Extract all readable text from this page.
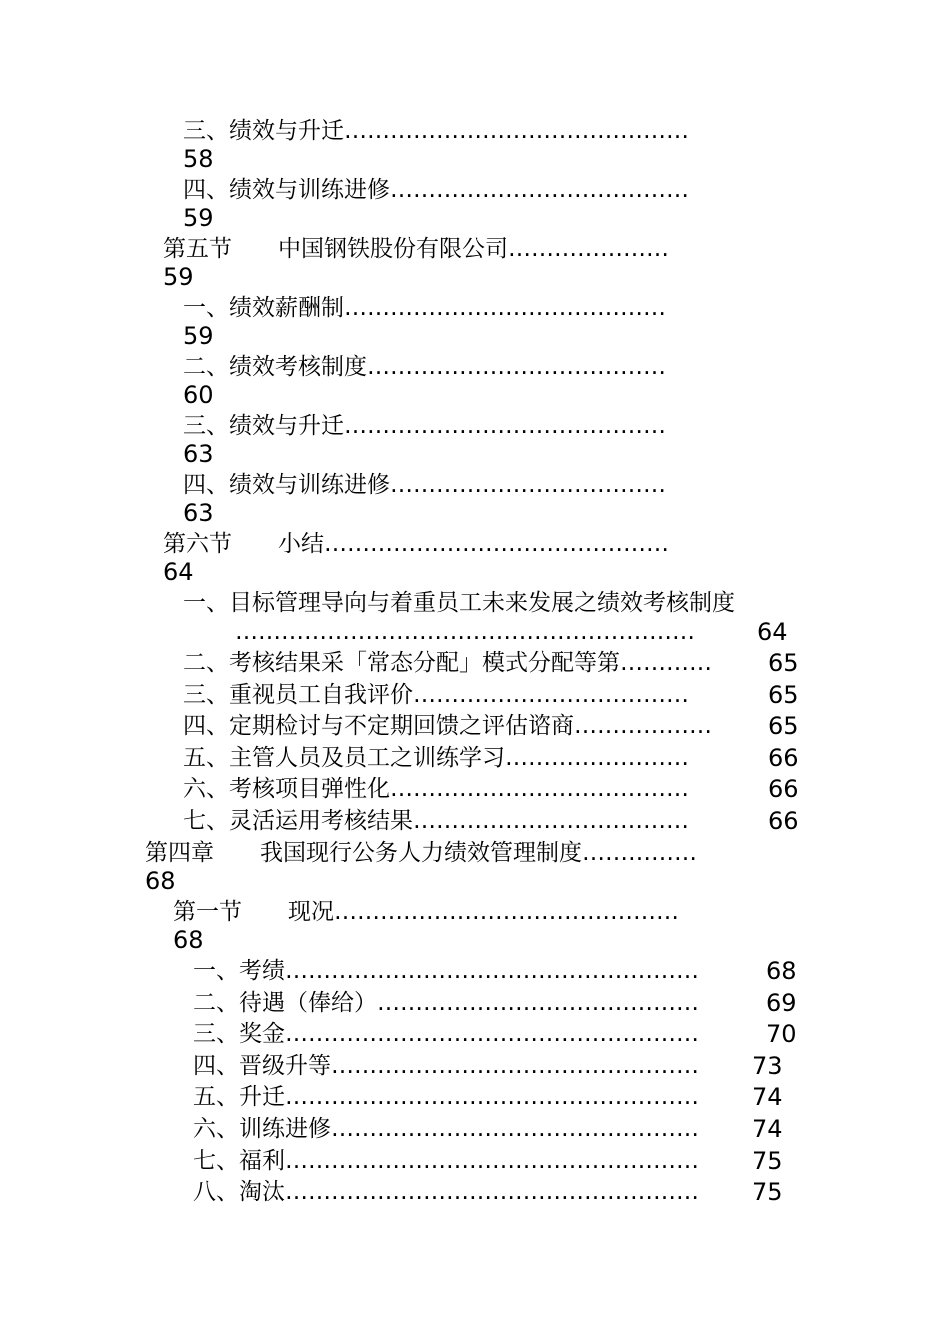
三、绩效与升迁………………………………………
58
四、绩效与训练进修…………………………………
59
第五节　　中国钢铁股份有限公司…………………
59
一、绩效薪酬制……………………………………
59
二、绩效考核制度…………………………………
60
三、绩效与升迁……………………………………
63
四、绩效与训练进修………………………………
63
第六节　　小结………………………………………
64
一、目标管理导向与着重员工未来发展之绩效考核制度
……………………………………………………	64
二、考核结果采「常态分配」模式分配等第………… 65
三、重视员工自我评价………………………………	65
四、定期检讨与不定期回馈之评估谘商……………… 65
五、主管人员及员工之训练学习……………………	66
六、考核项目弹性化…………………………………	66
七、灵活运用考核结果………………………………	66
第四章　　我国现行公务人力绩效管理制度……………
68
第一节　　现况………………………………………
68
一、考绩………………………………………………	68
二、待遇（俸给）……………………………………	69
三、奖金………………………………………………	70
四、晋级升等………………………………………… 73
五、升迁……………………………………………… 74
六、训练进修………………………………………… 74
七、福利……………………………………………… 75
八、淘汰……………………………………………… 75
